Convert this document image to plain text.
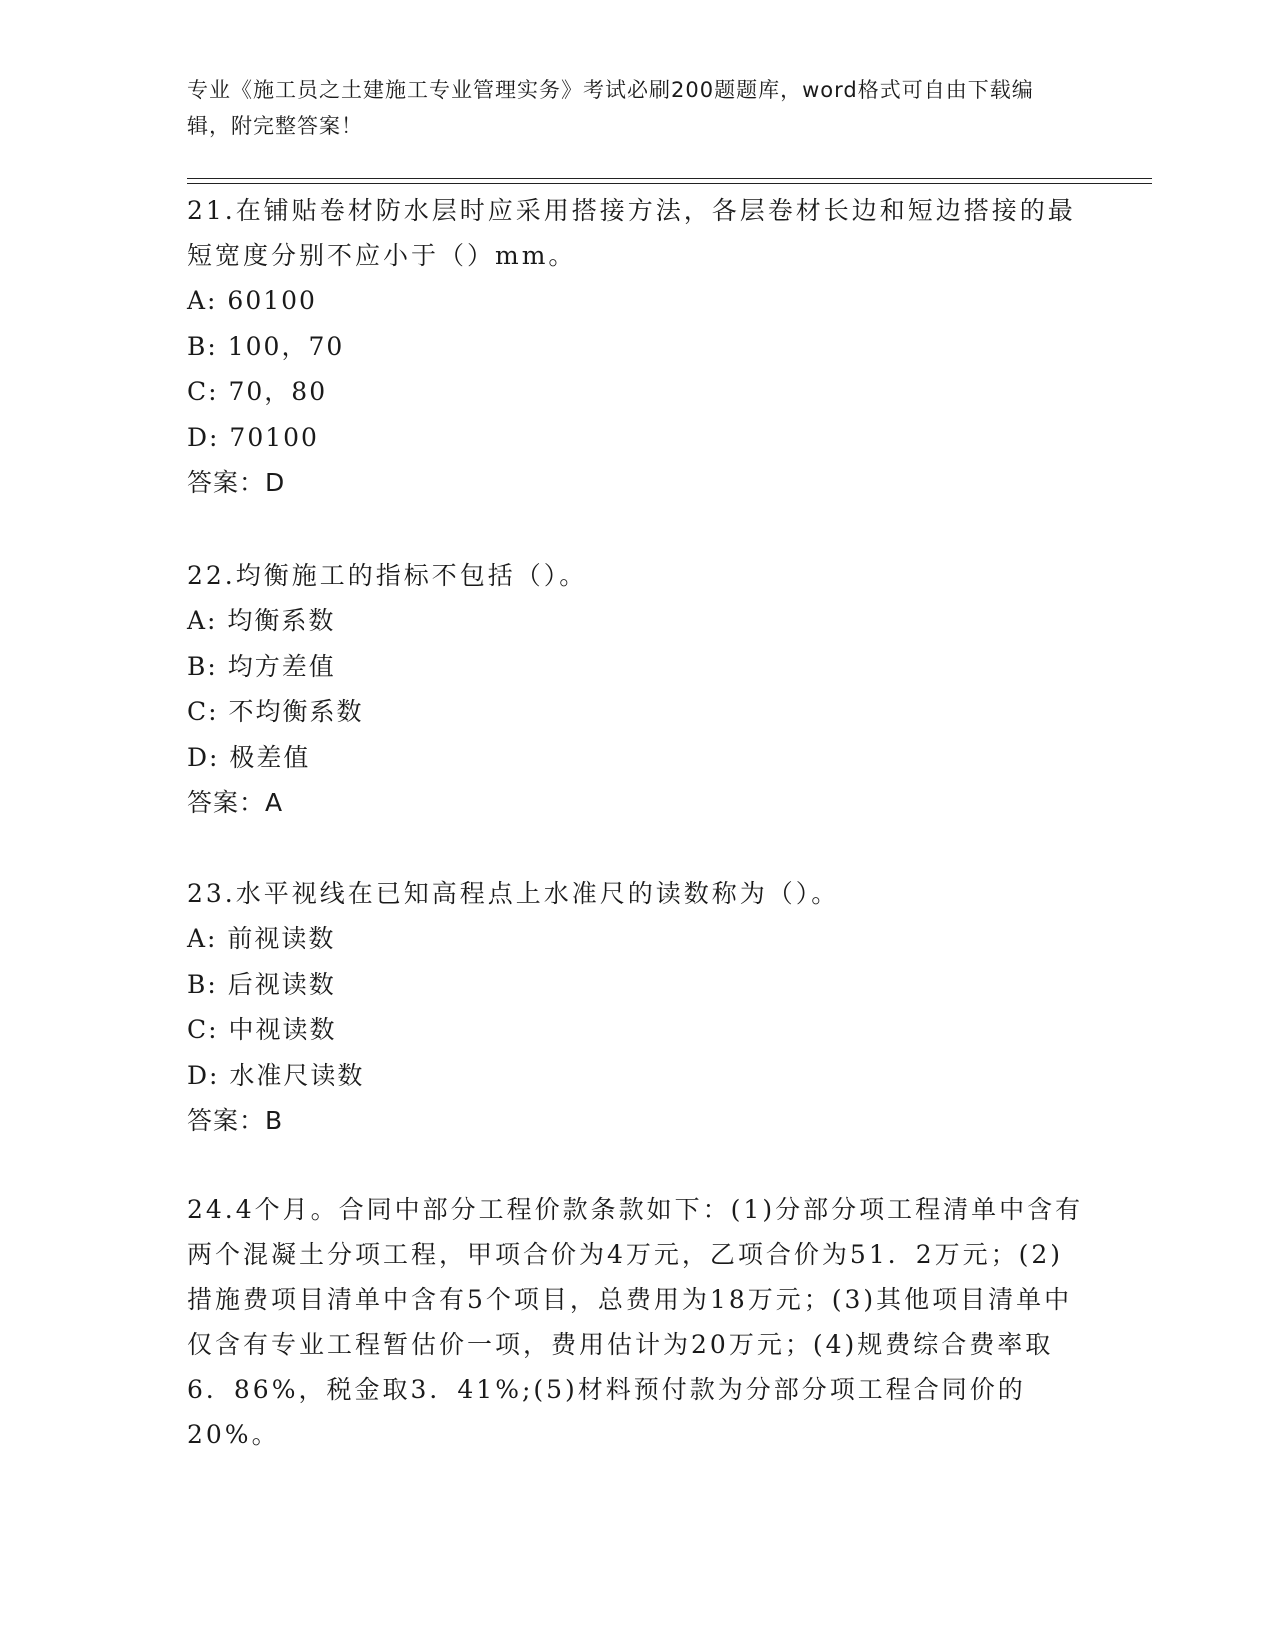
专业《施工员之土建施工专业管理实务》考试必刷200题题库，word格式可自由下载编辑，附完整答案！
21.在铺贴卷材防水层时应采用搭接方法，各层卷材长边和短边搭接的最短宽度分别不应小于（）mm。
A: 60100
B: 100，70
C: 70，80
D: 70100
答案：D
22.均衡施工的指标不包括（）。
A: 均衡系数
B: 均方差值
C: 不均衡系数
D: 极差值
答案：A
23.水平视线在已知高程点上水准尺的读数称为（）。
A: 前视读数
B: 后视读数
C: 中视读数
D: 水准尺读数
答案：B
24.4个月。合同中部分工程价款条款如下：(1)分部分项工程清单中含有两个混凝土分项工程，甲项合价为4万元，乙项合价为51．2万元；(2)措施费项目清单中含有5个项目，总费用为18万元；(3)其他项目清单中仅含有专业工程暂估价一项，费用估计为20万元；(4)规费综合费率取6．86%，税金取3．41%;(5)材料预付款为分部分项工程合同价的20%。
